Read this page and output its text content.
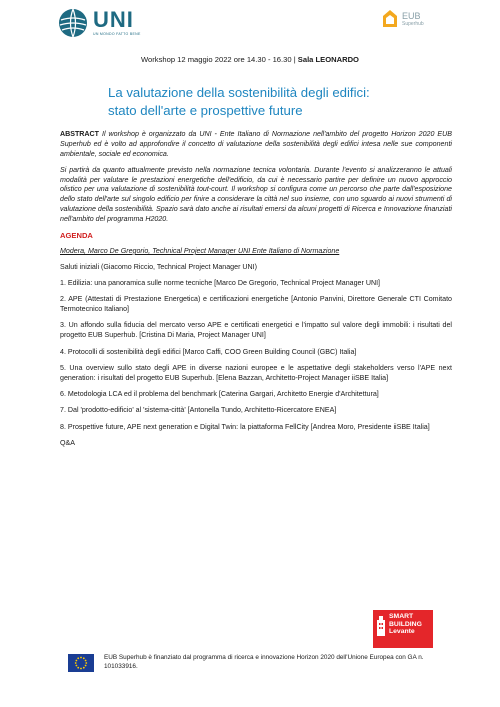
UNI
UN MONDO FATTO BENE
EUB
Superhub
Workshop 12 maggio 2022 ore 14.30 - 16.30 | Sala LEONARDO
La valutazione della sostenibilità degli edifici:
stato dell'arte e prospettive future

ABSTRACT Il workshop è organizzato da UNI - Ente Italiano di Normazione nell'ambito del progetto Horizon 2020 EUB Superhub ed è volto ad approfondire il concetto di valutazione della sostenibilità degli edifici intesa nelle sue componenti ambientale, sociale ed economica.

Si partirà da quanto attualmente previsto nella normazione tecnica volontaria. Durante l'evento si analizzeranno le attuali modalità per valutare le prestazioni energetiche dell'edificio, da cui è necessario partire per definire un nuovo approccio olistico per una valutazione di sostenibilità tout-court. Il workshop si configura come un percorso che parte dall'esposizione dello stato dell'arte sul singolo edificio per finire a considerare la città nel suo insieme, con uno sguardo ai nuovi strumenti di valutazione della sostenibilità. Spazio sarà dato anche ai risultati emersi da alcuni progetti di Ricerca e Innovazione finanziati nell'ambito del programma H2020.

AGENDA
Modera, Marco De Gregorio, Technical Project Manager UNI Ente Italiano di Normazione

Saluti iniziali (Giacomo Riccio, Technical Project Manager UNI)

1. Edilizia: una panoramica sulle norme tecniche [Marco De Gregorio, Technical Project Manager UNI]

2. APE (Attestati di Prestazione Energetica) e certificazioni energetiche [Antonio Panvini, Direttore Generale CTI Comitato Termotecnico Italiano]

3. Un affondo sulla fiducia del mercato verso APE e certificati energetici e l'impatto sul valore degli immobili: i risultati del progetto EUB Superhub. [Cristina Di Maria, Project Manager UNI]

4. Protocolli di sostenibilità degli edifici [Marco Caffi, COO Green Building Council (GBC) Italia]

5. Una overview sullo stato degli APE in diverse nazioni europee e le aspettative degli stakeholders verso l'APE next generation: i risultati del progetto EUB Superhub. [Elena Bazzan, Architetto-Project Manager iiSBE Italia]

6. Metodologia LCA ed il problema del benchmark [Caterina Gargari, Architetto Energie d'Architettura]

7. Dal 'prodotto-edificio' al 'sistema-città' [Antonella Tundo, Architetto-Ricercatore ENEA]

8. Prospettive future, APE next generation e Digital Twin: la piattaforma FellCity [Andrea Moro, Presidente iiSBE Italia]

Q&A

SMART
BUILDING
Levante
EUB Superhub è finanziato dal programma di ricerca e innovazione Horizon 2020 dell'Unione Europea con GA n. 101033916.
